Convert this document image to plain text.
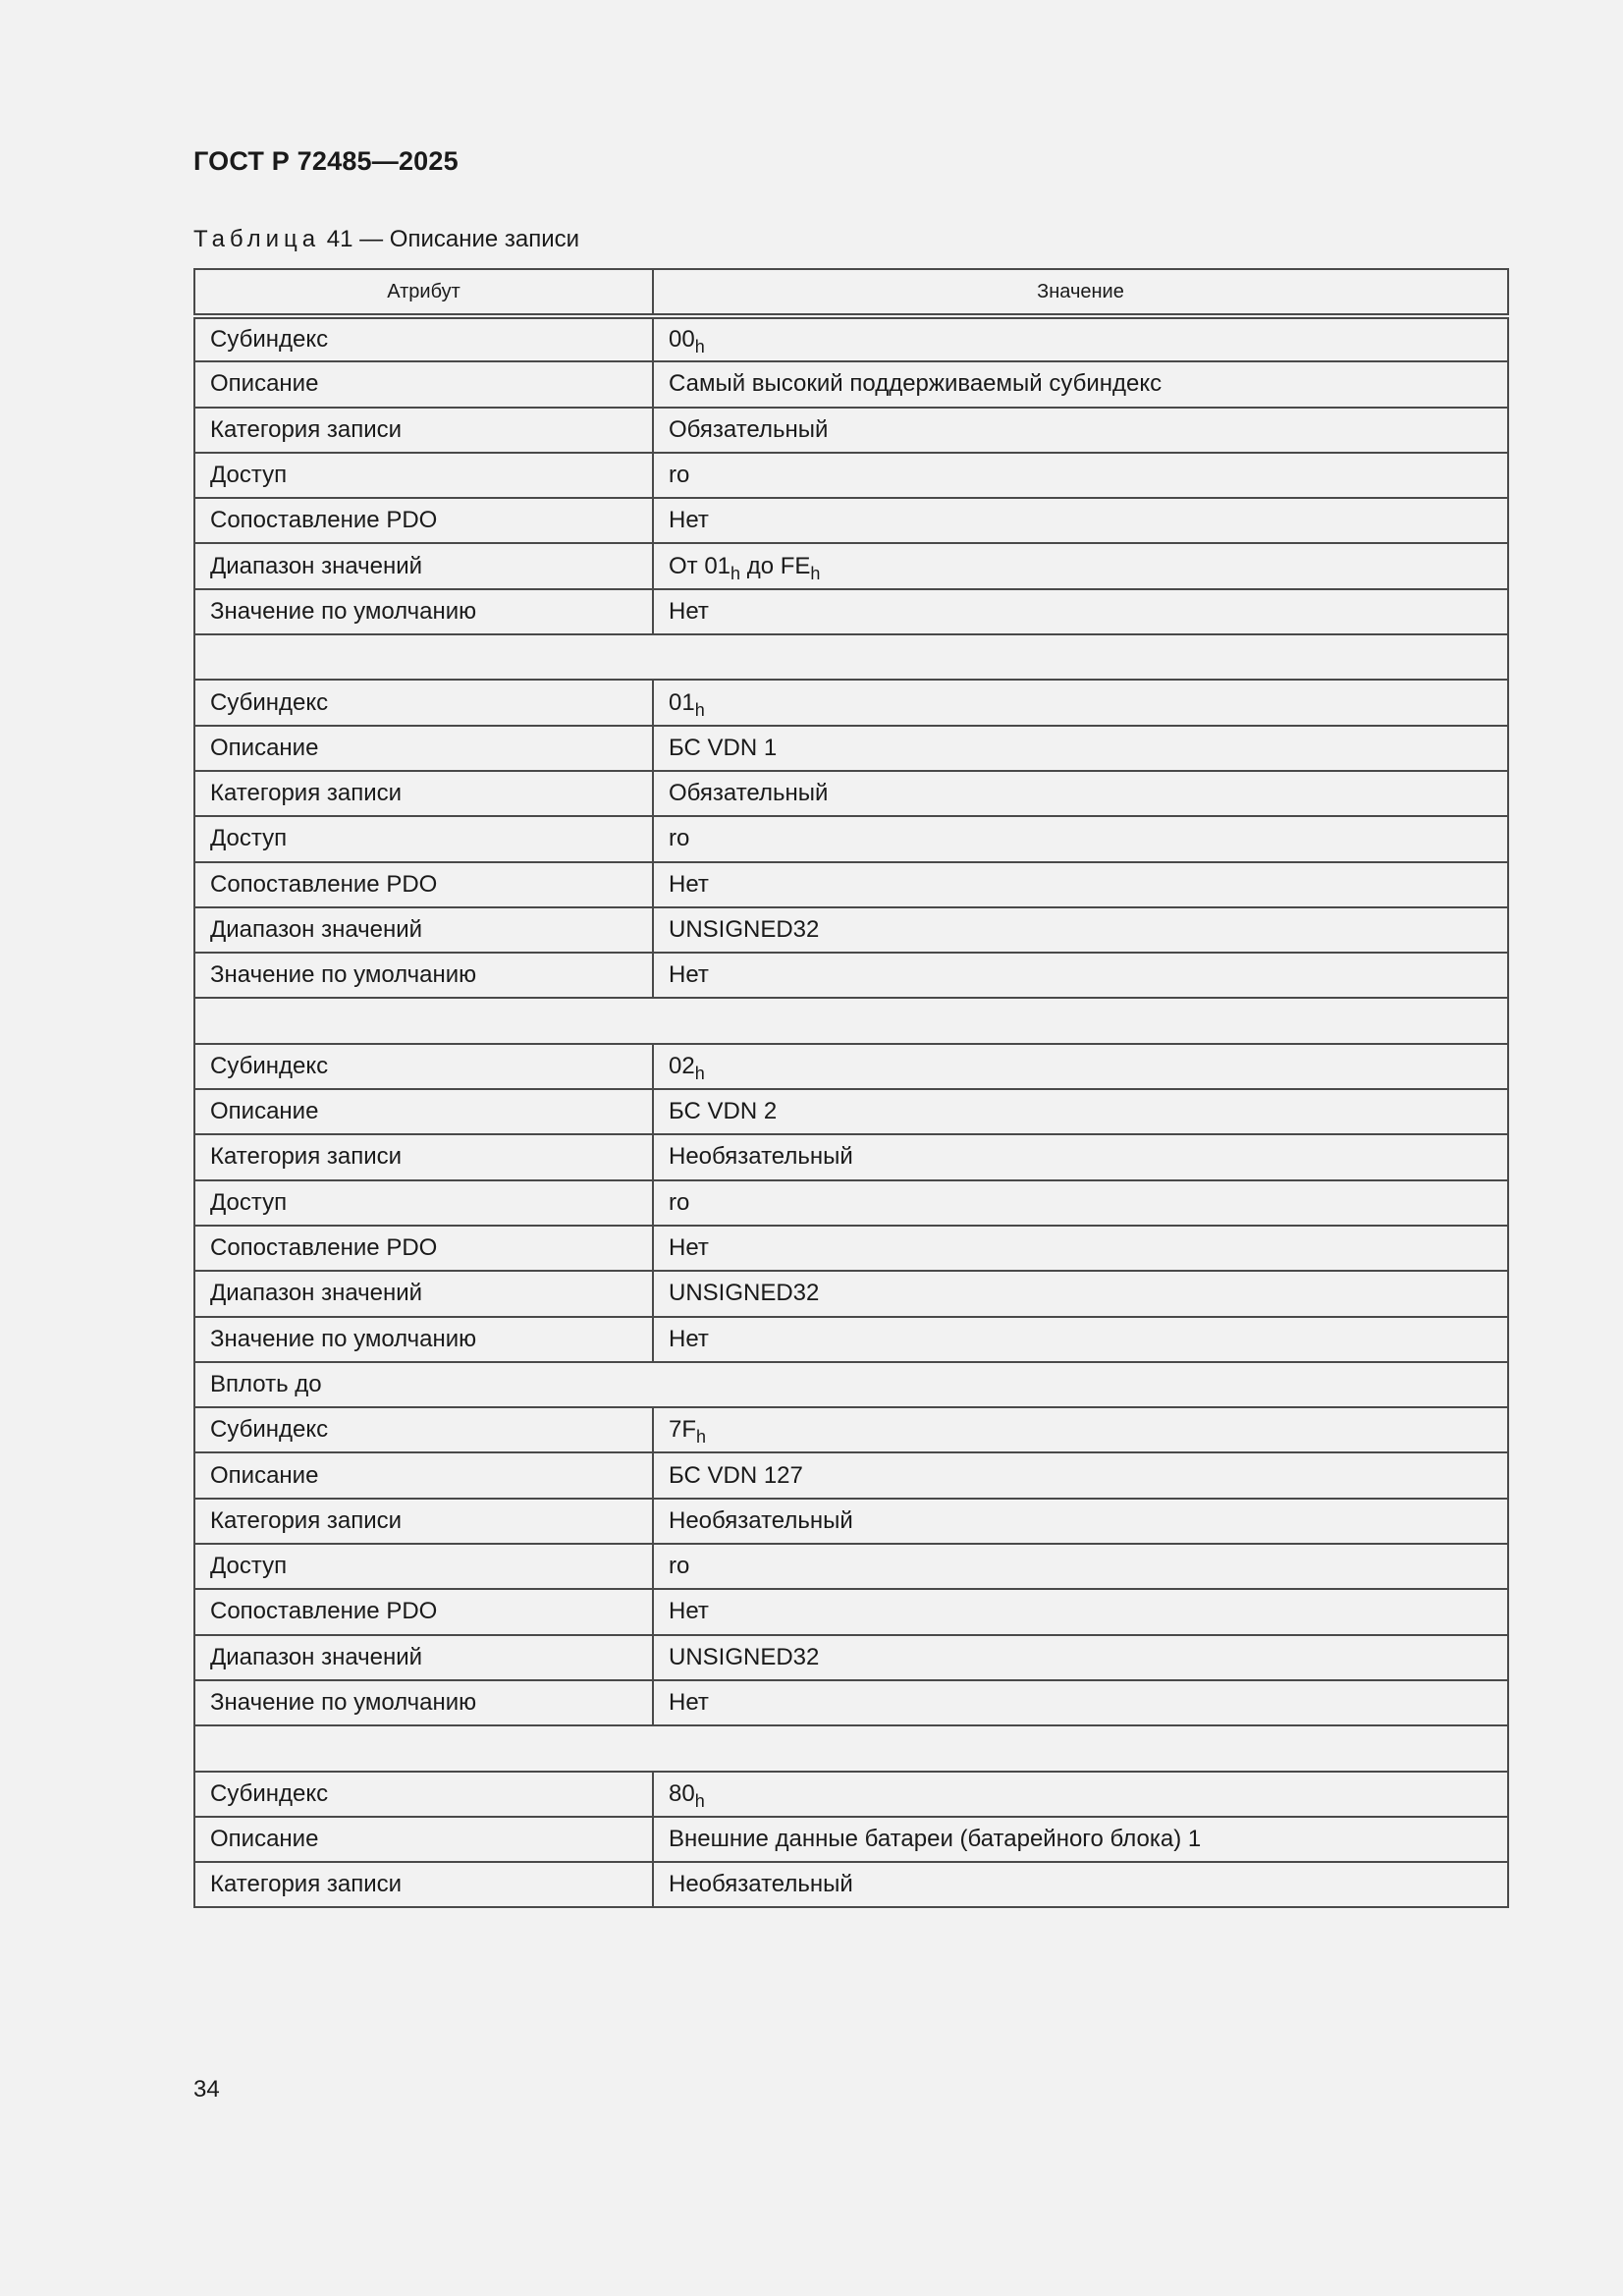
ГОСТ Р 72485—2025
Таблица 41 — Описание записи
Атрибут	Значение
Субиндекс	$00_h$
Описание	Самый высокий поддерживаемый субиндекс
Категория записи	Обязательный
Доступ	ro
Сопоставление PDO	Нет
Диапазон значений	От $01_h$ до $FE_h$
Значение по умолчанию	Нет

Субиндекс	$01_h$
Описание	БС VDN 1
Категория записи	Обязательный
Доступ	ro
Сопоставление PDO	Нет
Диапазон значений	UNSIGNED32
Значение по умолчанию	Нет

Субиндекс	$02_h$
Описание	БС VDN 2
Категория записи	Необязательный
Доступ	ro
Сопоставление PDO	Нет
Диапазон значений	UNSIGNED32
Значение по умолчанию	Нет
Вплоть до	
Субиндекс	$7F_h$
Описание	БС VDN 127
Категория записи	Необязательный
Доступ	ro
Сопоставление PDO	Нет
Диапазон значений	UNSIGNED32
Значение по умолчанию	Нет

Субиндекс	$80_h$
Описание	Внешние данные батареи (батарейного блока) 1
Категория записи	Необязательный
34
